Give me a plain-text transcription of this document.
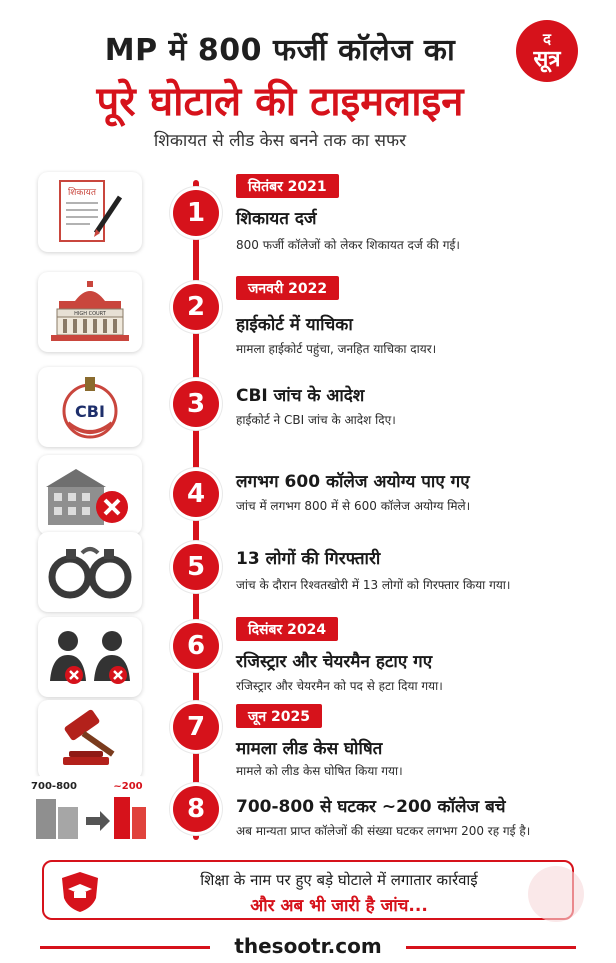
MP में 800 फर्जी कॉलेज का
पूरे घोटाले की टाइमलाइन
शिकायत से लीड केस बनने तक का सफर
द
सूत्र
शिकायत
1
सितंबर 2021
शिकायत दर्ज
800 फर्जी कॉलेजों को लेकर शिकायत दर्ज की गई।
HIGH COURT	2
जनवरी 2022
हाईकोर्ट में याचिका
मामला हाईकोर्ट पहुंचा, जनहित याचिका दायर।
CBI	3	CBI जांच के आदेश
हाईकोर्ट ने CBI जांच के आदेश दिए।
4	लगभग 600 कॉलेज अयोग्य पाए गए
जांच में लगभग 800 में से 600 कॉलेज अयोग्य मिले।
5	13 लोगों की गिरफ्तारी
जांच के दौरान रिश्वतखोरी में 13 लोगों को गिरफ्तार किया गया।
6
दिसंबर 2024
रजिस्ट्रार और चेयरमैन हटाए गए
रजिस्ट्रार और चेयरमैन को पद से हटा दिया गया।
7	जून 2025
मामला लीड केस घोषित
मामले को लीड केस घोषित किया गया।
700-800	~200
8	700-800 से घटकर ~200 कॉलेज बचे
अब मान्यता प्राप्त कॉलेजों की संख्या घटकर लगभग 200 रह गई है।
शिक्षा के नाम पर हुए बड़े घोटाले में लगातार कार्रवाई
और अब भी जारी है जांच...
thesootr.com
